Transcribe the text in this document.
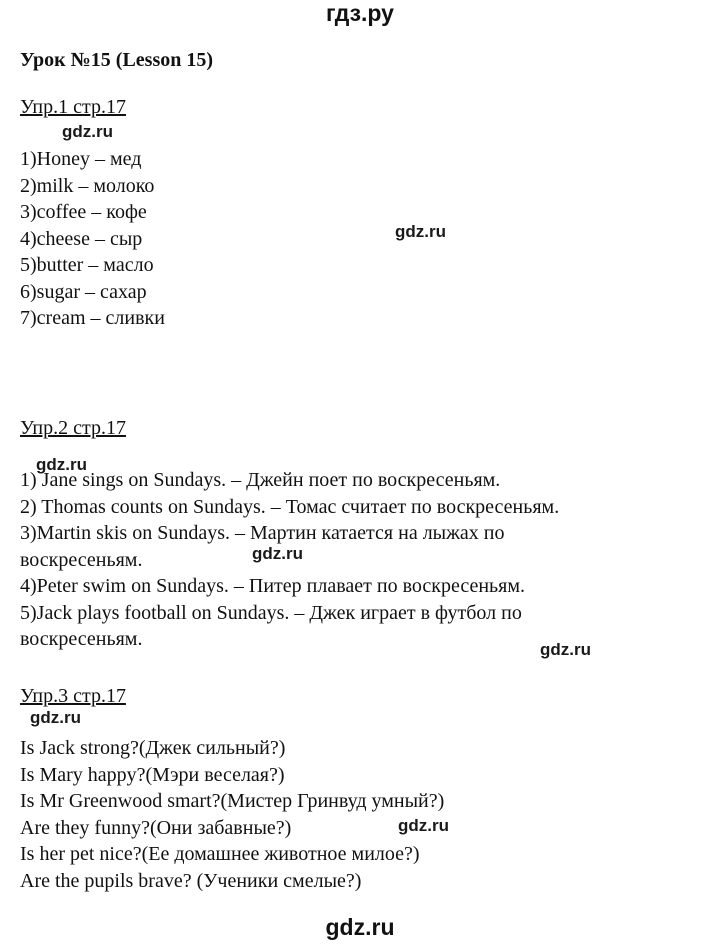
гдз.ру
Урок №15 (Lesson 15)
Упр.1 стр.17
gdz.ru
1)Honey – мед
2)milk – молоко
3)coffee – кофе
4)cheese – сыр
5)butter – масло
6)sugar – сахар
7)cream – сливки
gdz.ru
Упр.2 стр.17
gdz.ru
1) Jane sings on Sundays. – Джейн поет по воскресеньям.
2) Thomas counts on Sundays. – Томас считает по воскресеньям.
3)Martin skis on Sundays. – Мартин катается на лыжах по
воскресеньям.
4)Peter swim on Sundays. – Питер плавает по воскресеньям.
5)Jack plays football on Sundays. – Джек играет в футбол по
воскресеньям.
gdz.ru
gdz.ru
Упр.3 стр.17
gdz.ru
Is Jack strong?(Джек сильный?)
Is Mary happy?(Мэри веселая?)
Is Mr Greenwood smart?(Мистер Гринвуд умный?)
Are they funny?(Они забавные?)
Is her pet nice?(Ее домашнее животное милое?)
Are the pupils brave? (Ученики смелые?)
gdz.ru
gdz.ru
